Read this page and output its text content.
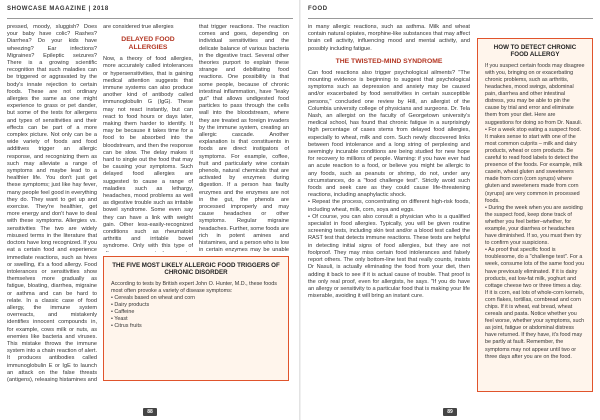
SHOWCASE MAGAZINE | 2018

pressed, moody, sluggish? Does your baby have colic? Rashes? Diarrhea? Do your kids have wheezing? Ear infections? Migraines? Epileptic seizures? There is a growing scientific recognition that such maladies can be triggered or aggravated by the body's innate rejection to certain foods. These are not ordinary allergies the same as one might experience to grass or pet dander, but some of the tests for allergens and types of sensitivities and their effects can be part of a more complex picture. Not only can be a wide variety of foods and food additives trigger an allergic response, and recognizing them as such may alleviate a range of symptoms and maybe lead to a healthier life. You don't just get these symptoms; just like hay fever, many people feel good in everything they do. They want to get up and exercise. They're healthier, get more energy and don't have to deal with these symptoms. Allergies vs. sensitivities The two are widely misused terms in the literature that doctors have long recognized. If you eat a certain food and experience immediate reactions, such as hives or swelling, it's a food allergy. Food intolerances or sensitivities show themselves more gradually as fatigue, bloating, diarrhea, migraine or asthma and can be hard to relate. In a classic case of food allergy, the immune system overreacts, and mistakenly identifies innocent compounds in, for example, cows milk or nuts, as enemies like bacteria and viruses. This mistake throws the immune system into a chain reaction of alert. It produces antibodies called immunoglobulin E or IgE to launch an attack on the false threats (antigens), releasing histamines and

are considered true allergies

DELAYED FOOD ALLERGIES

Now, a theory of food allergies, more accurately called intolerances or hypersensitivities, that is gaining medical attention suggests that immune systems can also produce another kind of antibody called immunoglobulin G (IgG). These may not react instantly, but can react to food hours or days later, making them harder to identify. It may be because it takes time for a food to be absorbed into the bloodstream, and then the response can be slow. The delay makes it hard to single out the food that may be causing your symptoms. Such delayed food allergies are suggested to cause a range of maladies such as lethargy, headaches, mood problems as well as digestive trouble such as irritable bowel syndrome. Some even say they can have a link with weight gain. Other less-easily-recognized conditions such as rheumatoid arthritis and irritable bowel syndrome. Only with this type of

that trigger reactions. The reaction comes and goes, depending on individual sensitivities and the delicate balance of various bacteria in the digestive tract. Several other theories purport to explain these strange and debilitating food reactions. One possibility is that some people, because of chronic intestinal inflammation, have "leaky gut" that allows undigested food particles to pass through the cells wall into the bloodstream, where they are treated as foreign invaders by the immune system, creating an allergic cascade. Another explanation is that constituents in foods are direct instigators of symptoms. For example, coffee, fruit and particularly wine contain phenols, natural chemicals that are activated by enzymes during digestion. If a person has faulty enzymes and the enzymes are not in the gut, the phenols are processed improperly and may cause headaches or other symptoms. Regular migraine headaches. Further, some foods are rich in potent amines and histamines, and a person who is low in certain enzymes may be unable

THE FIVE MOST LIKELY ALLERGIC FOOD TRIGGERS OF CHRONIC DISORDER
According to tests by British expert John O. Hunter, M.D., these foods most often provoke a variety of disease symptoms:
• Cereals based on wheat and corn
• Dairy products
• Caffeine
• Yeast
• Citrus fruits
88
FOOD

in many allergic reactions, such as asthma. Milk and wheat contain natural opiates, morphine-like substances that may affect brain cell activity, influencing mood and mental activity, and possibly including fatigue.

THE TWISTED-MIND SYNDROME

Can food reactions also trigger psychological ailments? "The mounting evidence is beginning to suggest that psychological symptoms such as depression and anxiety may be caused and/or exacerbated by food sensitivities in certain susceptible persons," concluded one review by Hill, an allergist of the Columbia university college of physicians and surgeons. Dr. Tela Nash, an allergist on the faculty of Georgetown university's medical school, has found that chronic fatigue in a surprisingly high percentage of cases stems from delayed food allergies, especially to wheat, milk and corn. Such newly discovered links between food intolerance and a long string of perplexing and seemingly incurable conditions are being studied for new hope for recovery to millions of people. Warning: if you have ever had an acute reaction to a food, or believe you might be allergic to any foods, such as peanuts or shrimp, do not, under any circumstances, do a "food challenge test". Strictly avoid such foods and seek care as they could cause life-threatening reactions, including anaphylactic shock.

• Repeat the process, concentrating on different high-risk foods, including wheat, milk, corn, soya and eggs.

• Of course, you can also consult a physician who is a qualified specialist in food allergies. Typically, you will be given routine screening tests, including skin test and/or a blood test called the RAST test that detects immune reactions. These tests are helpful in detecting initial signs of food allergies, but they are not foolproof. They may miss certain food intolerances and falsely report others. The only bottom-line test that really counts, insists Dr Nasuli, is actually eliminating the food from your diet, then adding it back to see if it is actual cause of trouble. That proof is the only real proof, even for allergists, he says. "If you do have an allergy or sensitivity to a particular food that is making your life miserable, avoiding it will bring an instant cure.

HOW TO DETECT CHRONIC FOOD ALLERGY
If you suspect certain foods may disagree with you, bringing on or exacerbating chronic problems, such as arthritis, headaches, mood swings, abdominal pain, diarrhea and other intestinal distress, you may be able to pin the cause by trial and error and eliminate them from your diet. Here are suggestions for doing so from Dr. Nasuli.
• For a week stop eating a suspect food. It makes sense to start with one of the most common culprits – milk and dairy products, wheat or corn products. Be careful to read food labels to detect the presence of the foods. For example, milk casein, wheat gluten and sweeteners made from corn (corn syrups) where gluten and sweeteners made from corn (syrups) are very common in processed foods.
• During the week when you are avoiding the suspect food, keep done track of whether you feel better–whether, for example, your diarrhea or headaches have diminished. If so, you must then try to confirm your suspicions.
• As proof that specific food is troublesome, do a "challenge test". For a week, consume lots of the same food you have previously eliminated. If it is dairy products, eat low-fat milk, yoghurt and cottage cheese two or three times a day. If it is corn, eat lots of whole-corn kernels, corn flakes, tortillas, cornbread and corn chips. If it is wheat, eat bread, wheat cereals and pasta. Notice whether you feel worse, whether your symptoms, such as joint, fatigue or abdominal distress have returned. If they have, it's food may be partly at fault. Remember, the symptoms may not appear until two or three days after you are on the food.
89
